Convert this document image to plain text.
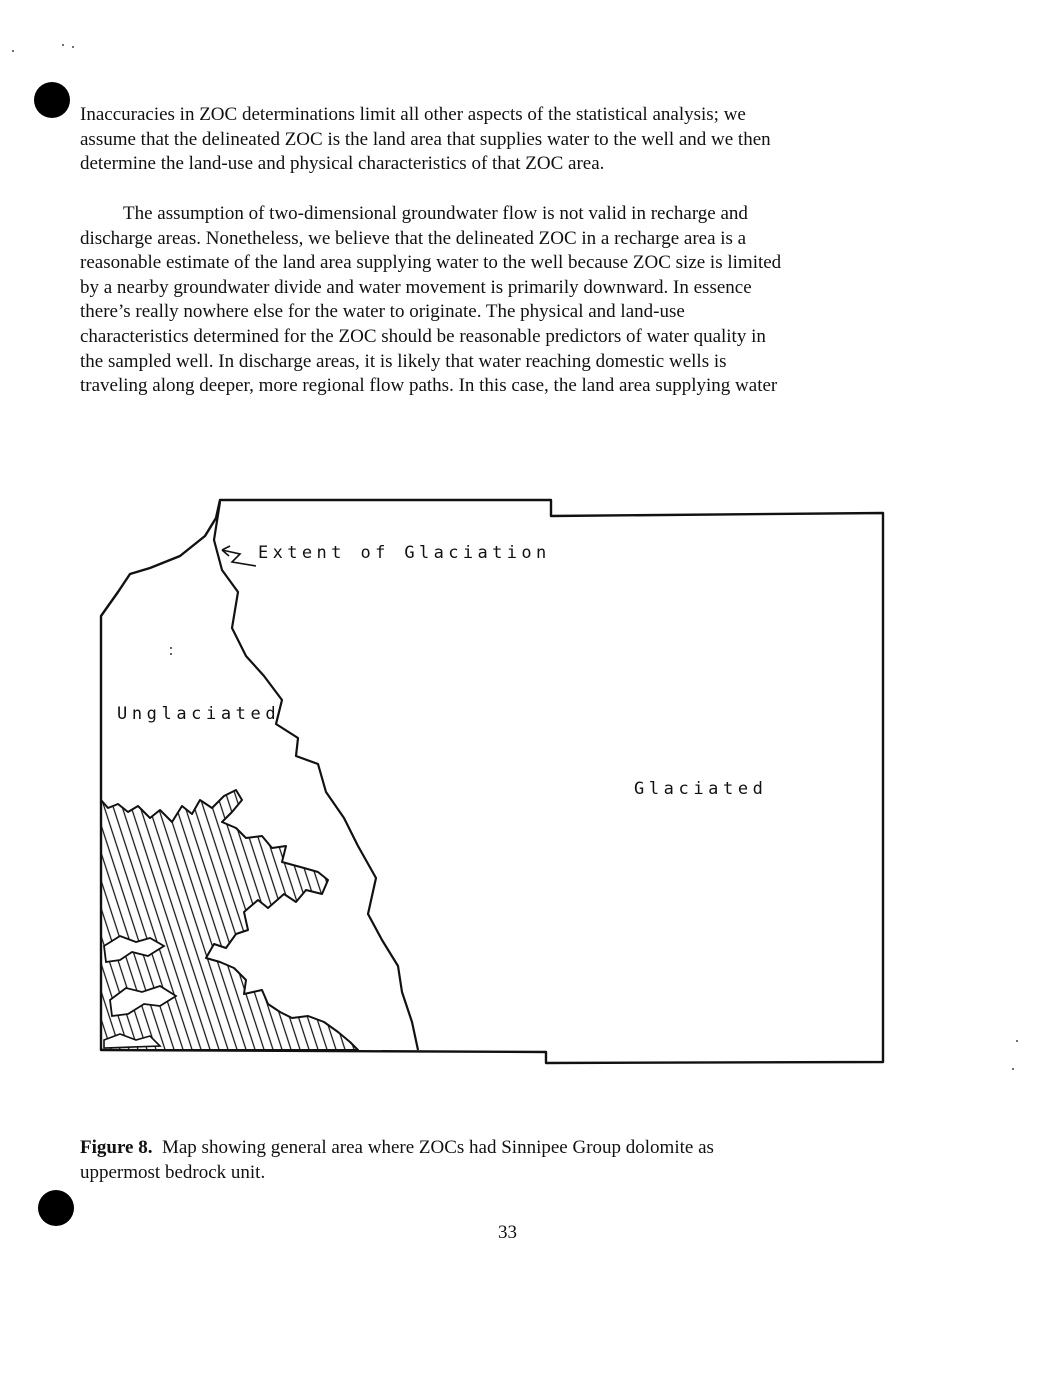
Inaccuracies in ZOC determinations limit all other aspects of the statistical analysis; we
assume that the delineated ZOC is the land area that supplies water to the well and we then
determine the land-use and physical characteristics of that ZOC area.
The assumption of two-dimensional groundwater flow is not valid in recharge and
discharge areas. Nonetheless, we believe that the delineated ZOC in a recharge area is a
reasonable estimate of the land area supplying water to the well because ZOC size is limited
by a nearby groundwater divide and water movement is primarily downward. In essence
there’s really nowhere else for the water to originate. The physical and land-use
characteristics determined for the ZOC should be reasonable predictors of water quality in
the sampled well. In discharge areas, it is likely that water reaching domestic wells is
traveling along deeper, more regional flow paths. In this case, the land area supplying water
Extent of Glaciation
Unglaciated
Glaciated
Figure 8. Map showing general area where ZOCs had Sinnipee Group dolomite as
uppermost bedrock unit.
33
